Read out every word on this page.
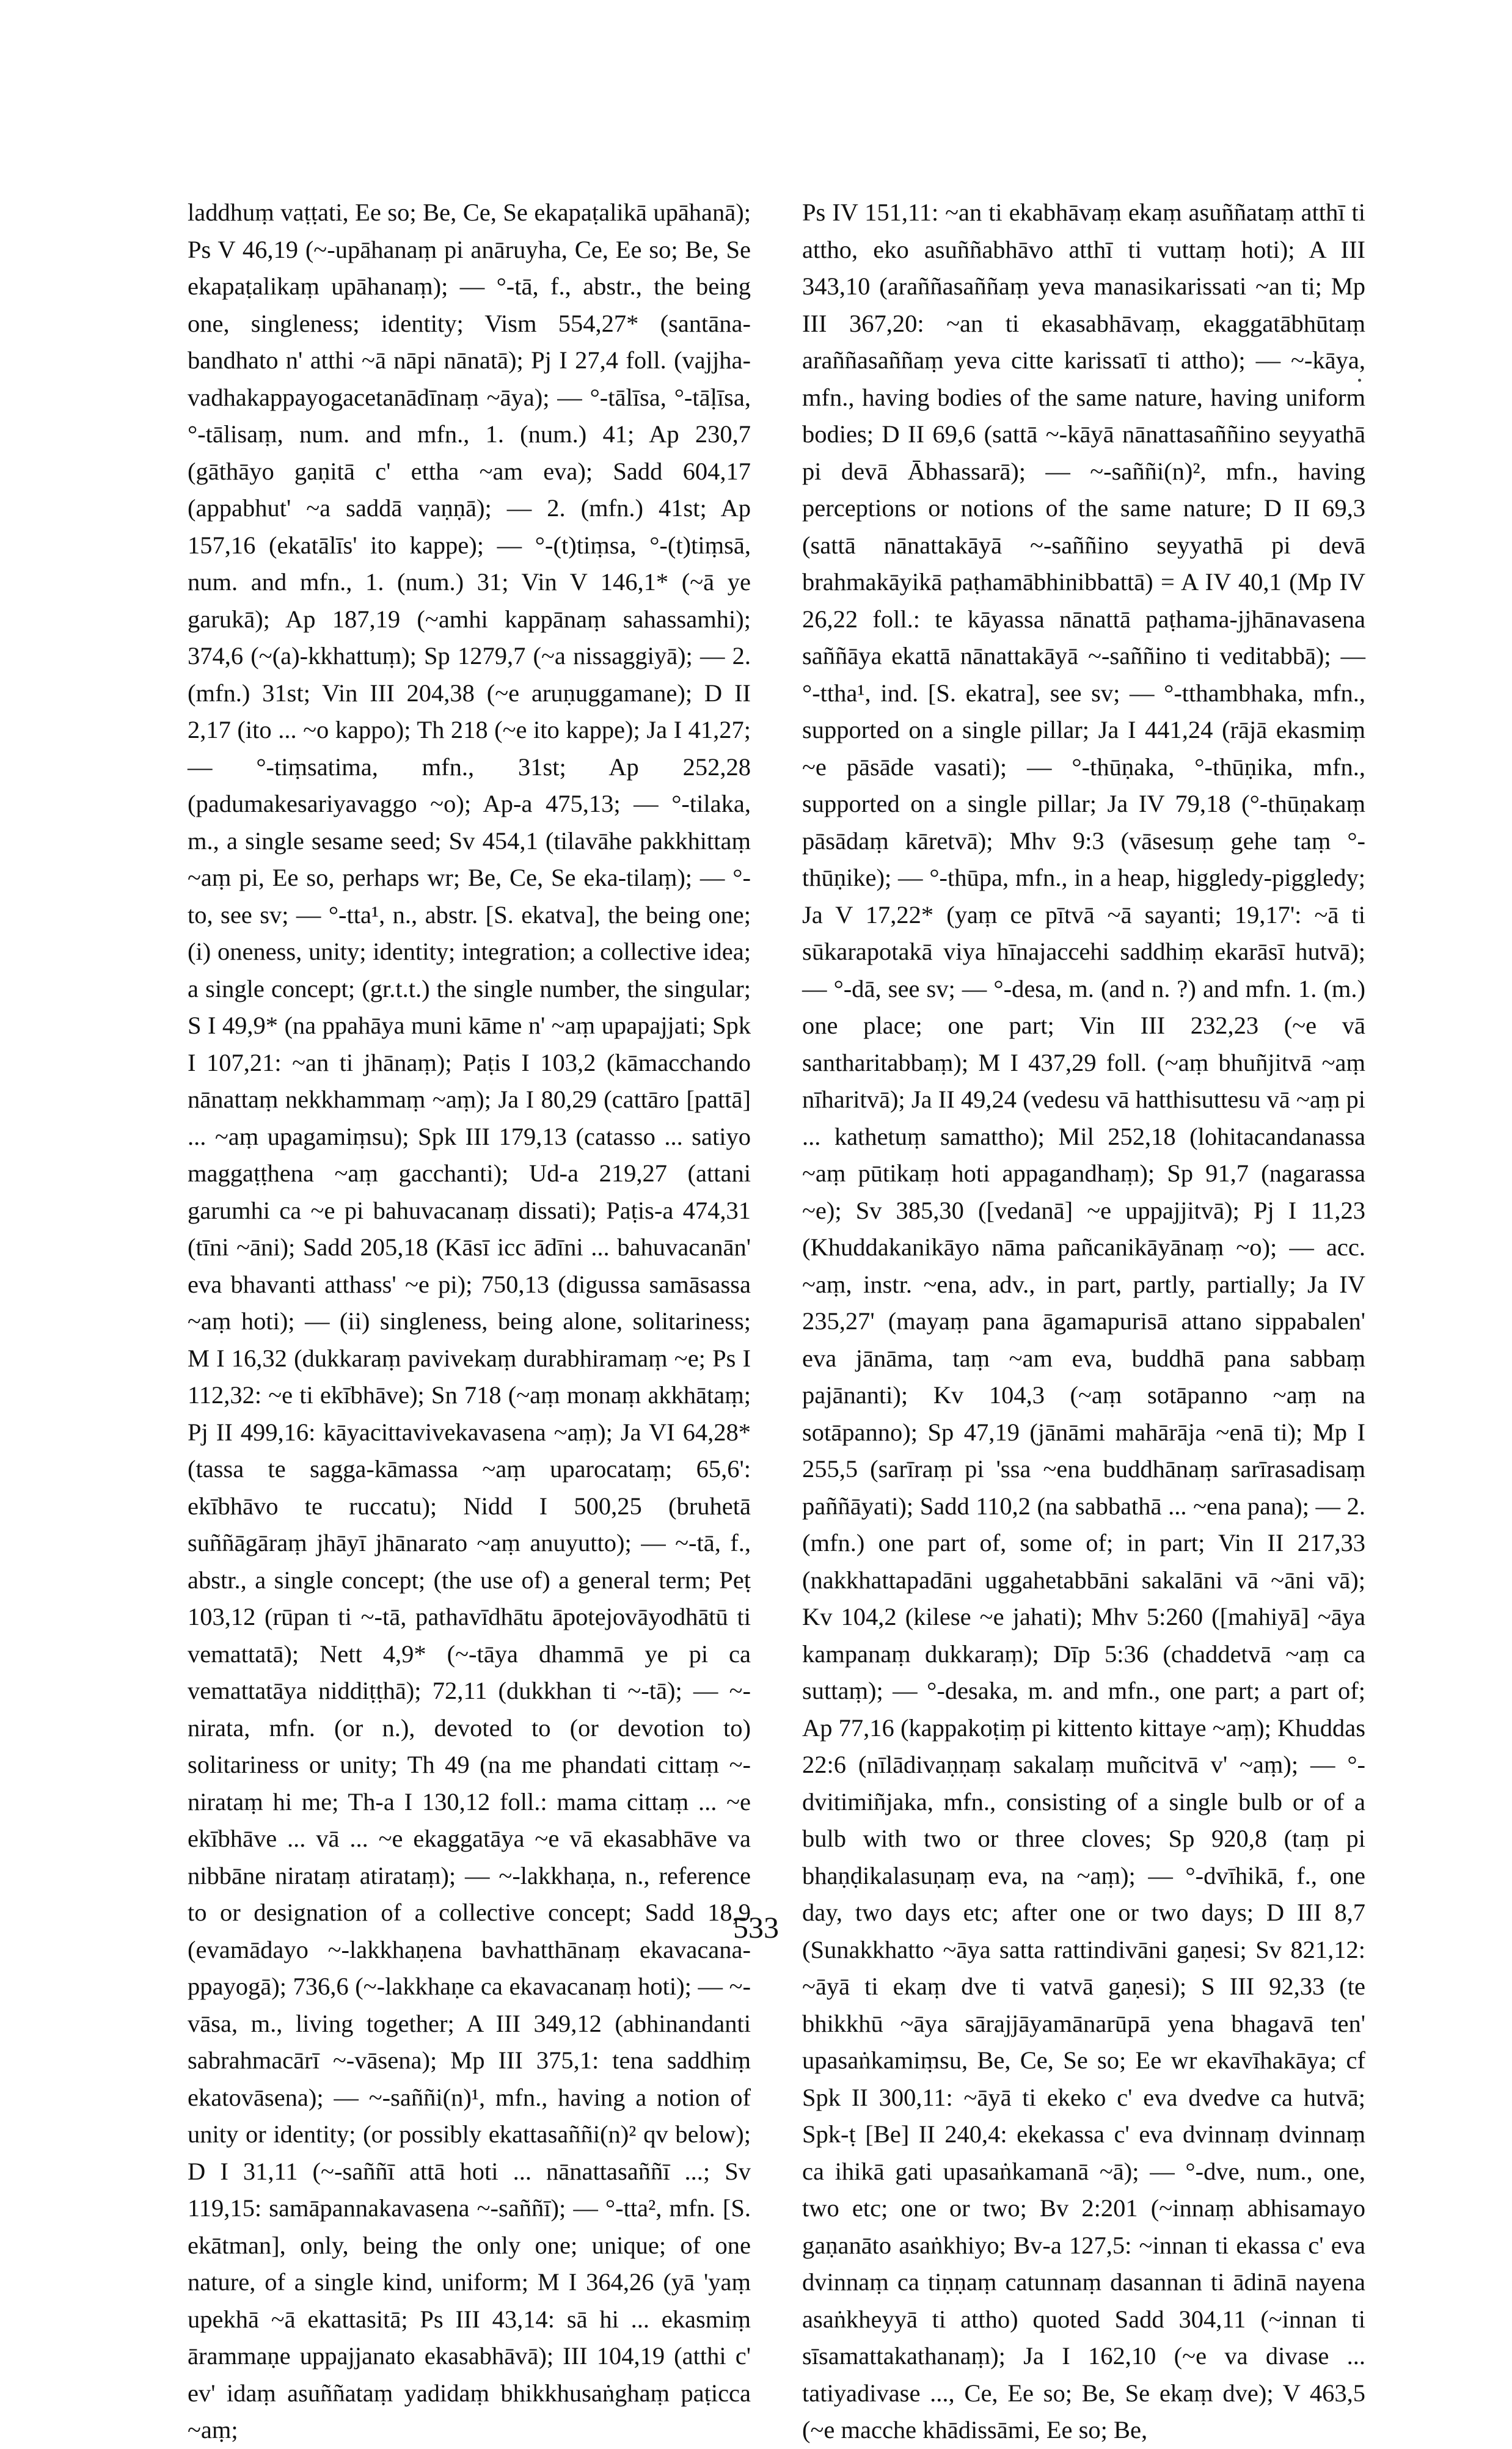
laddhuṃ vaṭṭati, Ee so; Be, Ce, Se ekapaṭalikā upāhanā); Ps V 46,19 (~-upāhanaṃ pi anāruyha, Ce, Ee so; Be, Se ekapaṭalikaṃ upāhanaṃ); — °-tā, f., abstr., the being one, singleness; identity; Vism 554,27* (santāna-bandhato n' atthi ~ā nāpi nānatā); Pj I 27,4 foll. (vajjha-vadhakappayogacetanādīnaṃ ~āya); — °-tālīsa, °-tāḷīsa, °-tālisaṃ, num. and mfn., 1. (num.) 41; Ap 230,7 (gāthāyo gaṇitā c' ettha ~am eva); Sadd 604,17 (appabhut' ~a saddā vaṇṇā); — 2. (mfn.) 41st; Ap 157,16 (ekatālīs' ito kappe); — °-(t)tiṃsa, °-(t)tiṃsā, num. and mfn., 1. (num.) 31; Vin V 146,1* (~ā ye garukā); Ap 187,19 (~amhi kappānaṃ sahassamhi); 374,6 (~(a)-kkhattuṃ); Sp 1279,7 (~a nissaggiyā); — 2. (mfn.) 31st; Vin III 204,38 (~e aruṇuggamane); D II 2,17 (ito ... ~o kappo); Th 218 (~e ito kappe); Ja I 41,27; — °-tiṃsatima, mfn., 31st; Ap 252,28 (padumakesariyavaggo ~o); Ap-a 475,13; — °-tilaka, m., a single sesame seed; Sv 454,1 (tilavāhe pakkhittaṃ ~aṃ pi, Ee so, perhaps wr; Be, Ce, Se eka-tilaṃ); — °-to, see sv; — °-tta¹, n., abstr. [S. ekatva], the being one; (i) oneness, unity; identity; integration; a collective idea; a single concept; (gr.t.t.) the single number, the singular; S I 49,9* (na ppahāya muni kāme n' ~aṃ upapajjati; Spk I 107,21: ~an ti jhānaṃ); Paṭis I 103,2 (kāmacchando nānattaṃ nekkhammaṃ ~aṃ); Ja I 80,29 (cattāro [pattā] ... ~aṃ upagamiṃsu); Spk III 179,13 (catasso ... satiyo maggaṭṭhena ~aṃ gacchanti); Ud-a 219,27 (attani garumhi ca ~e pi bahuvacanaṃ dissati); Paṭis-a 474,31 (tīni ~āni); Sadd 205,18 (Kāsī icc ādīni ... bahuvacanān' eva bhavanti atthass' ~e pi); 750,13 (digussa samāsassa ~aṃ hoti); — (ii) singleness, being alone, solitariness; M I 16,32 (dukkaraṃ pavivekaṃ durabhiramaṃ ~e; Ps I 112,32: ~e ti ekībhāve); Sn 718 (~aṃ monaṃ akkhātaṃ; Pj II 499,16: kāyacittavivekavasena ~aṃ); Ja VI 64,28* (tassa te sagga-kāmassa ~aṃ uparocataṃ; 65,6': ekībhāvo te ruccatu); Nidd I 500,25 (bruhetā suññāgāraṃ jhāyī jhānarato ~aṃ anuyutto); — ~-tā, f., abstr., a single concept; (the use of) a general term; Peṭ 103,12 (rūpan ti ~-tā, pathavīdhātu āpotejovāyodhātū ti vemattatā); Nett 4,9* (~-tāya dhammā ye pi ca vemattatāya niddiṭṭhā); 72,11 (dukkhan ti ~-tā); — ~-nirata, mfn. (or n.), devoted to (or devotion to) solitariness or unity; Th 49 (na me phandati cittaṃ ~-nirataṃ hi me; Th-a I 130,12 foll.: mama cittaṃ ... ~e ekībhāve ... vā ... ~e ekaggatāya ~e vā ekasabhāve va nibbāne nirataṃ atirataṃ); — ~-lakkhaṇa, n., reference to or designation of a collective concept; Sadd 18,9 (evamādayo ~-lakkhaṇena bavhatthānaṃ ekavacana-ppayogā); 736,6 (~-lakkhaṇe ca ekavacanaṃ hoti); — ~-vāsa, m., living together; A III 349,12 (abhinandanti sabrahmacārī ~-vāsena); Mp III 375,1: tena saddhiṃ ekatovāsena); — ~-saññi(n)¹, mfn., having a notion of unity or identity; (or possibly ekattasaññi(n)² qv below); D I 31,11 (~-saññī attā hoti ... nānattasaññī ...; Sv 119,15: samāpannakavasena ~-saññī); — °-tta², mfn. [S. ekātman], only, being the only one; unique; of one nature, of a single kind, uniform; M I 364,26 (yā 'yaṃ upekhā ~ā ekattasitā; Ps III 43,14: sā hi ... ekasmiṃ ārammaṇe uppajjanato ekasabhāvā); III 104,19 (atthi c' ev' idaṃ asuññataṃ yadidaṃ bhikkhusaṅghaṃ paṭicca ~aṃ;

Ps IV 151,11: ~an ti ekabhāvaṃ ekaṃ asuññataṃ atthī ti attho, eko asuññabhāvo atthī ti vuttaṃ hoti); A III 343,10 (araññasaññaṃ yeva manasikarissati ~an ti; Mp III 367,20: ~an ti ekasabhāvaṃ, ekaggatābhūtaṃ araññasaññaṃ yeva citte karissatī ti attho); — ~-kāya, mfn., having bodies of the same nature, having uniform bodies; D II 69,6 (sattā ~-kāyā nānattasaññino seyyathā pi devā Ābhassarā); — ~-saññi(n)², mfn., having perceptions or notions of the same nature; D II 69,3 (sattā nānattakāyā ~-saññino seyyathā pi devā brahmakāyikā paṭhamābhinibbattā) = A IV 40,1 (Mp IV 26,22 foll.: te kāyassa nānattā paṭhama-jjhānavasena saññāya ekattā nānattakāyā ~-saññino ti veditabbā); — °-ttha¹, ind. [S. ekatra], see sv; — °-tthambhaka, mfn., supported on a single pillar; Ja I 441,24 (rājā ekasmiṃ ~e pāsāde vasati); — °-thūṇaka, °-thūṇika, mfn., supported on a single pillar; Ja IV 79,18 (°-thūṇakaṃ pāsādaṃ kāretvā); Mhv 9:3 (vāsesuṃ gehe taṃ °-thūṇike); — °-thūpa, mfn., in a heap, higgledy-piggledy; Ja V 17,22* (yaṃ ce pītvā ~ā sayanti; 19,17': ~ā ti sūkarapotakā viya hīnajaccehi saddhiṃ ekarāsī hutvā); — °-dā, see sv; — °-desa, m. (and n. ?) and mfn. 1. (m.) one place; one part; Vin III 232,23 (~e vā santharitabbaṃ); M I 437,29 foll. (~aṃ bhuñjitvā ~aṃ nīharitvā); Ja II 49,24 (vedesu vā hatthisuttesu vā ~aṃ pi ... kathetuṃ samattho); Mil 252,18 (lohitacandanassa ~aṃ pūtikaṃ hoti appagandhaṃ); Sp 91,7 (nagarassa ~e); Sv 385,30 ([vedanā] ~e uppajjitvā); Pj I 11,23 (Khuddakanikāyo nāma pañcanikāyānaṃ ~o); — acc. ~aṃ, instr. ~ena, adv., in part, partly, partially; Ja IV 235,27' (mayaṃ pana āgamapurisā attano sippabalen' eva jānāma, taṃ ~am eva, buddhā pana sabbaṃ pajānanti); Kv 104,3 (~aṃ sotāpanno ~aṃ na sotāpanno); Sp 47,19 (jānāmi mahārāja ~enā ti); Mp I 255,5 (sarīraṃ pi 'ssa ~ena buddhānaṃ sarīrasadisaṃ paññāyati); Sadd 110,2 (na sabbathā ... ~ena pana); — 2. (mfn.) one part of, some of; in part; Vin II 217,33 (nakkhattapadāni uggahetabbāni sakalāni vā ~āni vā); Kv 104,2 (kilese ~e jahati); Mhv 5:260 ([mahiyā] ~āya kampanaṃ dukkaraṃ); Dīp 5:36 (chaddetvā ~aṃ ca suttaṃ); — °-desaka, m. and mfn., one part; a part of; Ap 77,16 (kappakoṭiṃ pi kittento kittaye ~aṃ); Khuddas 22:6 (nīlādivaṇṇaṃ sakalaṃ muñcitvā v' ~aṃ); — °-dvitimiñjaka, mfn., consisting of a single bulb or of a bulb with two or three cloves; Sp 920,8 (taṃ pi bhaṇḍikalasuṇaṃ eva, na ~aṃ); — °-dvīhikā, f., one day, two days etc; after one or two days; D III 8,7 (Sunakkhatto ~āya satta rattindivāni gaṇesi; Sv 821,12: ~āyā ti ekaṃ dve ti vatvā gaṇesi); S III 92,33 (te bhikkhū ~āya sārajjāyamānarūpā yena bhagavā ten' upasaṅkamiṃsu, Be, Ce, Se so; Ee wr ekavīhakāya; cf Spk II 300,11: ~āyā ti ekeko c' eva dvedve ca hutvā; Spk-ṭ [Be] II 240,4: ekekassa c' eva dvinnaṃ dvinnaṃ ca ihikā gati upasaṅkamanā ~ā); — °-dve, num., one, two etc; one or two; Bv 2:201 (~innaṃ abhisamayo gaṇanāto asaṅkhiyo; Bv-a 127,5: ~innan ti ekassa c' eva dvinnaṃ ca tiṇṇaṃ catunnaṃ dasannan ti ādinā nayena asaṅkheyyā ti attho) quoted Sadd 304,11 (~innan ti sīsamattakathanaṃ); Ja I 162,10 (~e va divase ... tatiyadivase ..., Ce, Ee so; Be, Se ekaṃ dve); V 463,5 (~e macche khādissāmi, Ee so; Be,

533
